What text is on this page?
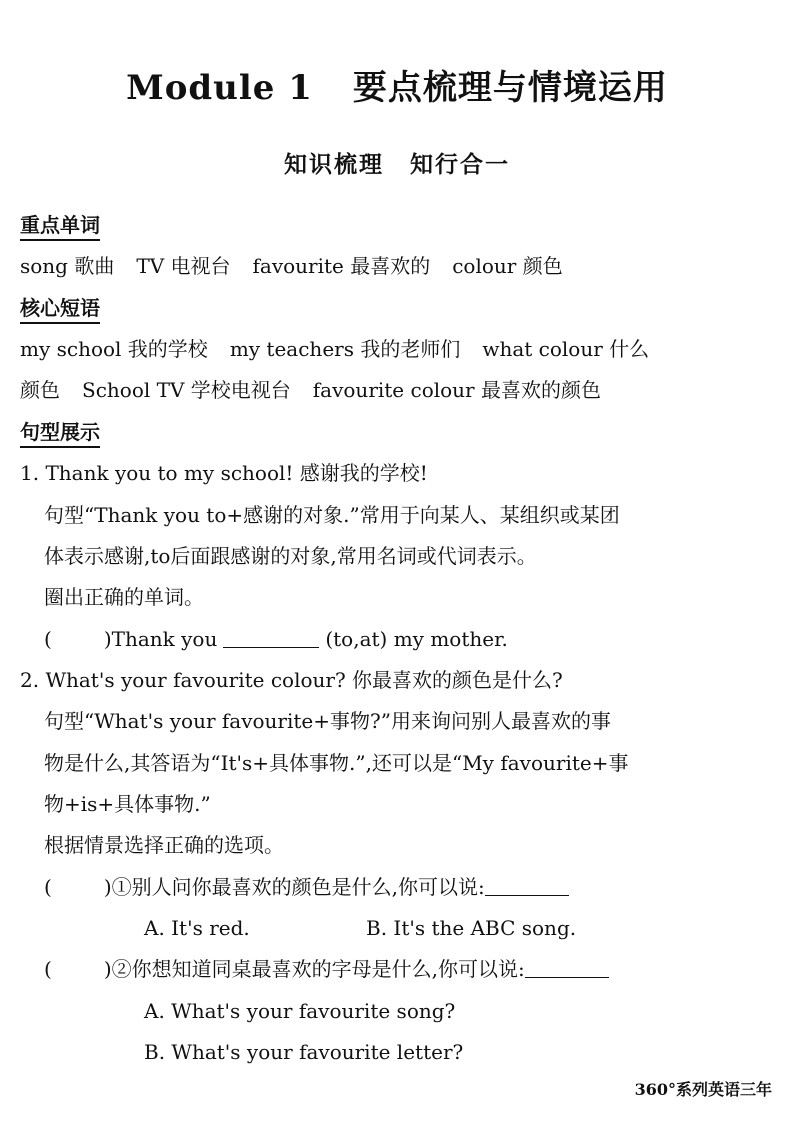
Module 1 要点梳理与情境运用
知识梳理 知行合一
重点单词
song 歌曲 TV 电视台 favourite 最喜欢的 colour 颜色
核心短语
my school 我的学校 my teachers 我的老师们 what colour 什么
颜色 School TV 学校电视台 favourite colour 最喜欢的颜色
句型展示
1. Thank you to my school! 感谢我的学校!
句型“Thank you to+感谢的对象.”常用于向某人、某组织或某团
体表示感谢,to后面跟感谢的对象,常用名词或代词表示。
圈出正确的单词。
(	)Thank you	(to,at) my mother.
2. What's your favourite colour? 你最喜欢的颜色是什么?
句型“What's your favourite+事物?”用来询问别人最喜欢的事
物是什么,其答语为“It's+具体事物.”,还可以是“My favourite+事
物+is+具体事物.”
根据情景选择正确的选项。
(	)①别人问你最喜欢的颜色是什么,你可以说:
A. It's red.	B. It's the ABC song.
(	)②你想知道同桌最喜欢的字母是什么,你可以说:
A. What's your favourite song?
B. What's your favourite letter?
360°系列英语三年
